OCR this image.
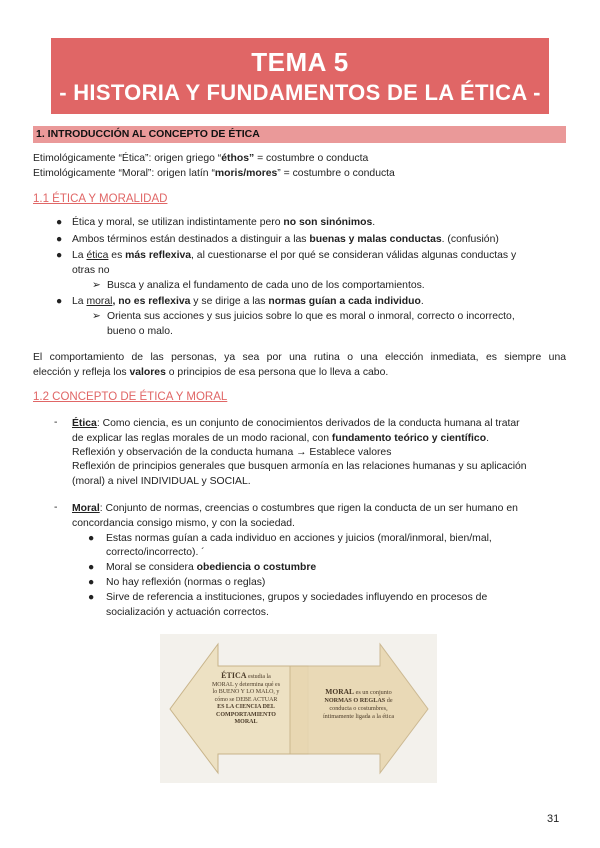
TEMA 5
- HISTORIA Y FUNDAMENTOS DE LA ÉTICA -
1. INTRODUCCIÓN AL CONCEPTO DE ÉTICA
Etimológicamente “Ética”: origen griego “éthos” = costumbre o conducta
Etimológicamente “Moral”: origen latín “moris/mores” = costumbre o conducta
1.1 ÉTICA Y MORALIDAD
● Ética y moral, se utilizan indistintamente pero no son sinónimos.
● Ambos términos están destinados a distinguir a las buenas y malas conductas. (confusión)
● La ética es más reflexiva, al cuestionarse el por qué se consideran válidas algunas conductas y
otras no
➢ Busca y analiza el fundamento de cada uno de los comportamientos.
● La moral, no es reflexiva y se dirige a las normas guían a cada individuo.
➢ Orienta sus acciones y sus juicios sobre lo que es moral o inmoral, correcto o incorrecto,
bueno o malo.
El comportamiento de las personas, ya sea por una rutina o una elección inmediata, es siempre una
elección y refleja los valores o principios de esa persona que lo lleva a cabo.
1.2 CONCEPTO DE ÉTICA Y MORAL
- Ética: Como ciencia, es un conjunto de conocimientos derivados de la conducta humana al tratar
de explicar las reglas morales de un modo racional, con fundamento teórico y científico.
Reflexión y observación de la conducta humana → Establece valores
Reflexión de principios generales que busquen armonía en las relaciones humanas y su aplicación
(moral) a nivel INDIVIDUAL y SOCIAL.
- Moral: Conjunto de normas, creencias o costumbres que rigen la conducta de un ser humano en
concordancia consigo mismo, y con la sociedad.
● Estas normas guían a cada individuo en acciones y juicios (moral/inmoral, bien/mal,
correcto/incorrecto). ´
● Moral se considera obediencia o costumbre
● No hay reflexión (normas o reglas)
● Sirve de referencia a instituciones, grupos y sociedades influyendo en procesos de
socialización y actuación correctos.
ÉTICA estudia la
MORAL y determina qué es
lo BUENO Y LO MALO, y
cómo se DEBE ACTUAR
ES LA CIENCIA DEL
COMPORTAMIENTO
MORAL
MORAL es un conjunto
NORMAS O REGLAS de
conducta o costumbres,
íntimamente ligada a la ética
31
